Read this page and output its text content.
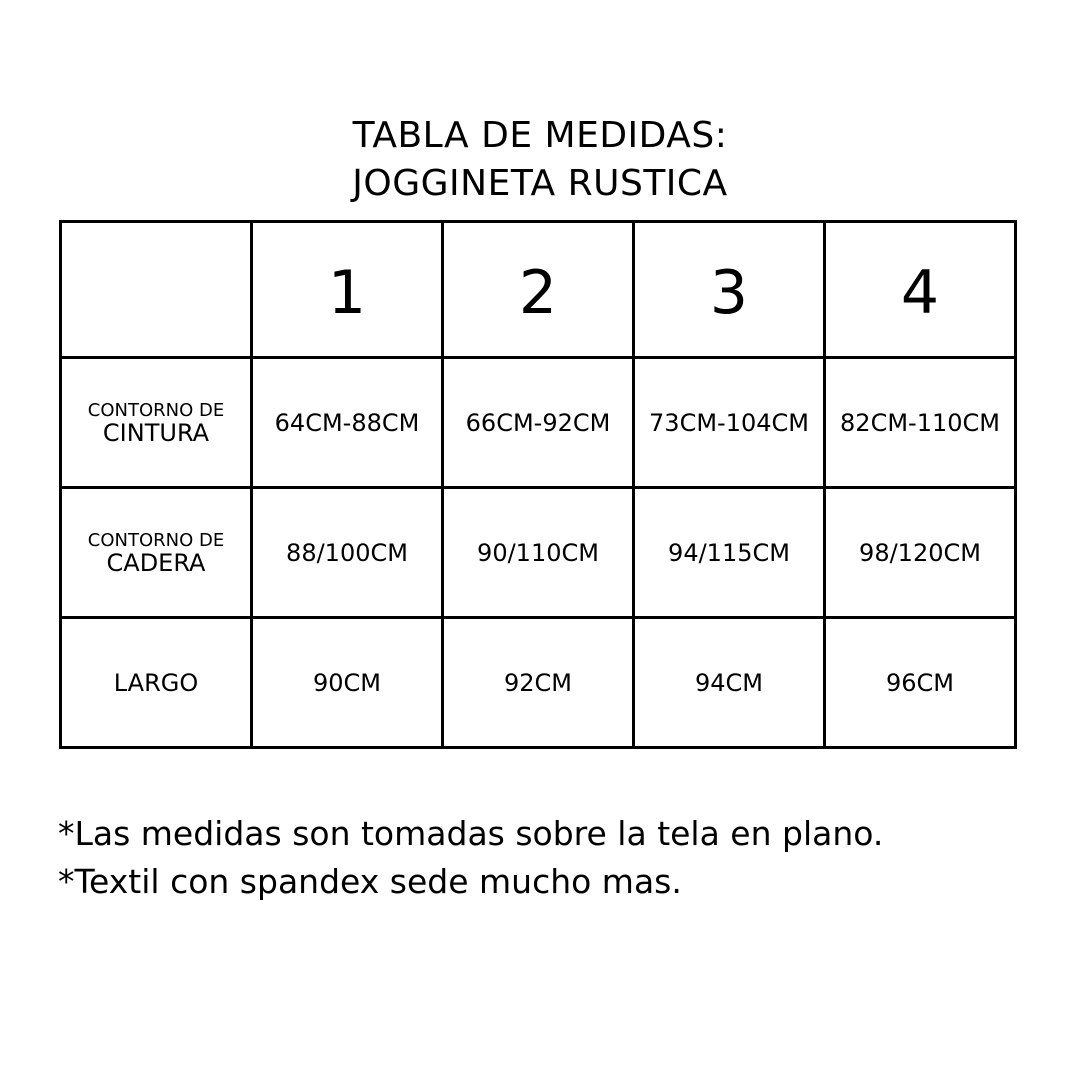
TABLA DE MEDIDAS:
JOGGINETA RUSTICA
	1	2	3	4

CONTORNO DE
CINTURA	64CM-88CM	66CM-92CM	73CM-104CM	82CM-110CM

CONTORNO DE
CADERA	88/100CM	90/110CM	94/115CM	98/120CM
LARGO	90CM	92CM	94CM	96CM
*Las medidas son tomadas sobre la tela en plano.
*Textil con spandex sede mucho mas.
